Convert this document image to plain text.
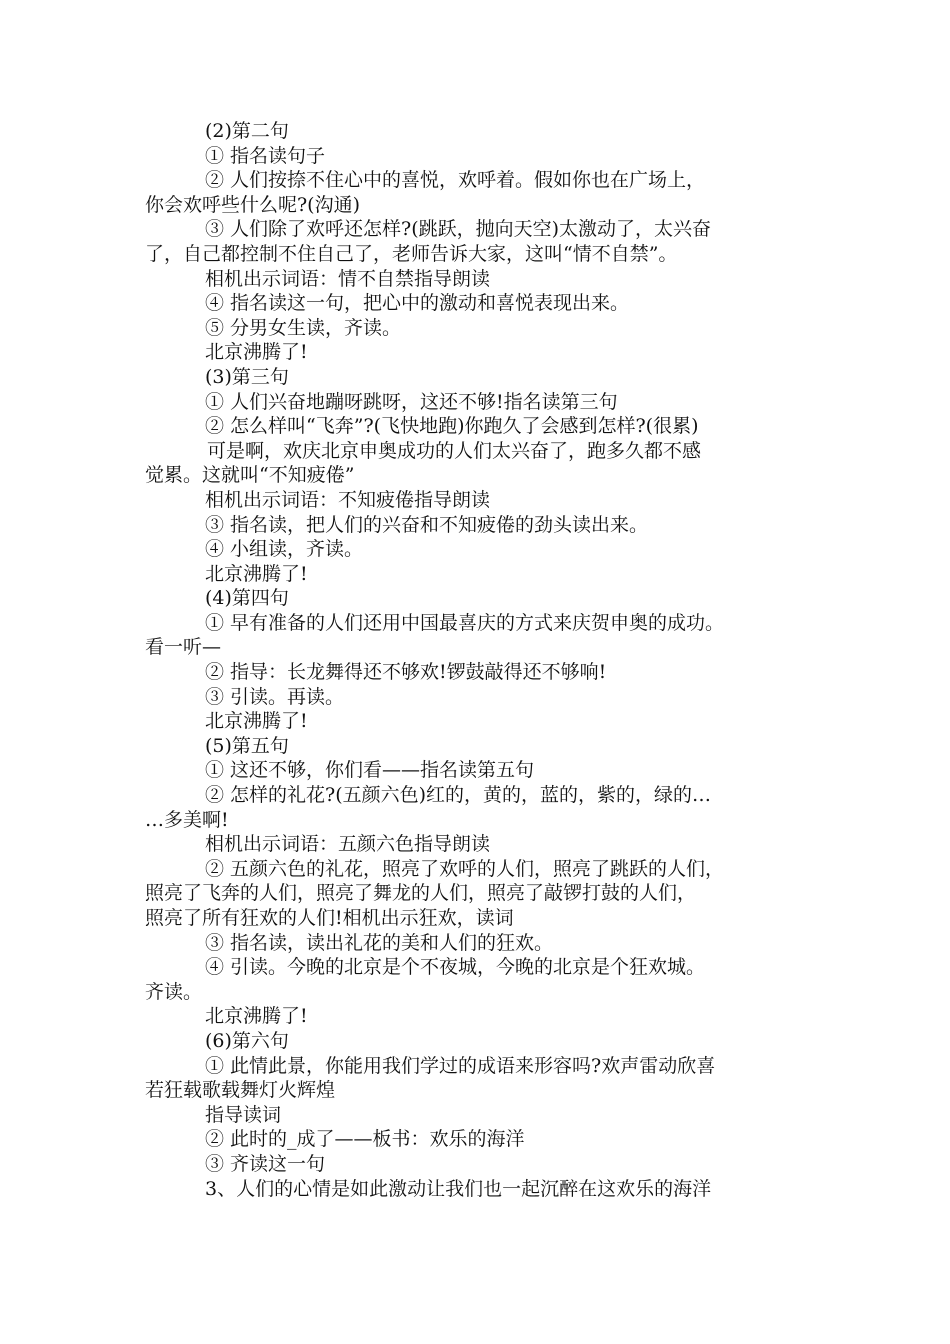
(2)第二句
① 指名读句子
② 人们按捺不住心中的喜悦，欢呼着。假如你也在广场上，
你会欢呼些什么呢?(沟通)
③ 人们除了欢呼还怎样?(跳跃，抛向天空)太激动了，太兴奋
了，自己都控制不住自己了，老师告诉大家，这叫“情不自禁”。
相机出示词语：情不自禁指导朗读
④ 指名读这一句，把心中的激动和喜悦表现出来。
⑤ 分男女生读，齐读。
北京沸腾了!
(3)第三句
① 人们兴奋地蹦呀跳呀，这还不够!指名读第三句
② 怎么样叫“飞奔”?(飞快地跑)你跑久了会感到怎样?(很累)
可是啊，欢庆北京申奥成功的人们太兴奋了，跑多久都不感
觉累。这就叫“不知疲倦”
相机出示词语：不知疲倦指导朗读
③ 指名读，把人们的兴奋和不知疲倦的劲头读出来。
④ 小组读，齐读。
北京沸腾了!
(4)第四句
① 早有准备的人们还用中国最喜庆的方式来庆贺申奥的成功。
看一听—
② 指导：长龙舞得还不够欢!锣鼓敲得还不够响!
③ 引读。再读。
北京沸腾了!
(5)第五句
① 这还不够，你们看——指名读第五句
② 怎样的礼花?(五颜六色)红的，黄的，蓝的，紫的，绿的…
…多美啊!
相机出示词语：五颜六色指导朗读
② 五颜六色的礼花，照亮了欢呼的人们，照亮了跳跃的人们，
照亮了飞奔的人们，照亮了舞龙的人们，照亮了敲锣打鼓的人们，
照亮了所有狂欢的人们!相机出示狂欢，读词
③ 指名读，读出礼花的美和人们的狂欢。
④ 引读。今晚的北京是个不夜城，今晚的北京是个狂欢城。
齐读。
北京沸腾了!
(6)第六句
① 此情此景，你能用我们学过的成语来形容吗?欢声雷动欣喜
若狂载歌载舞灯火辉煌
指导读词
② 此时的_成了——板书：欢乐的海洋
③ 齐读这一句
3、人们的心情是如此激动让我们也一起沉醉在这欢乐的海洋
